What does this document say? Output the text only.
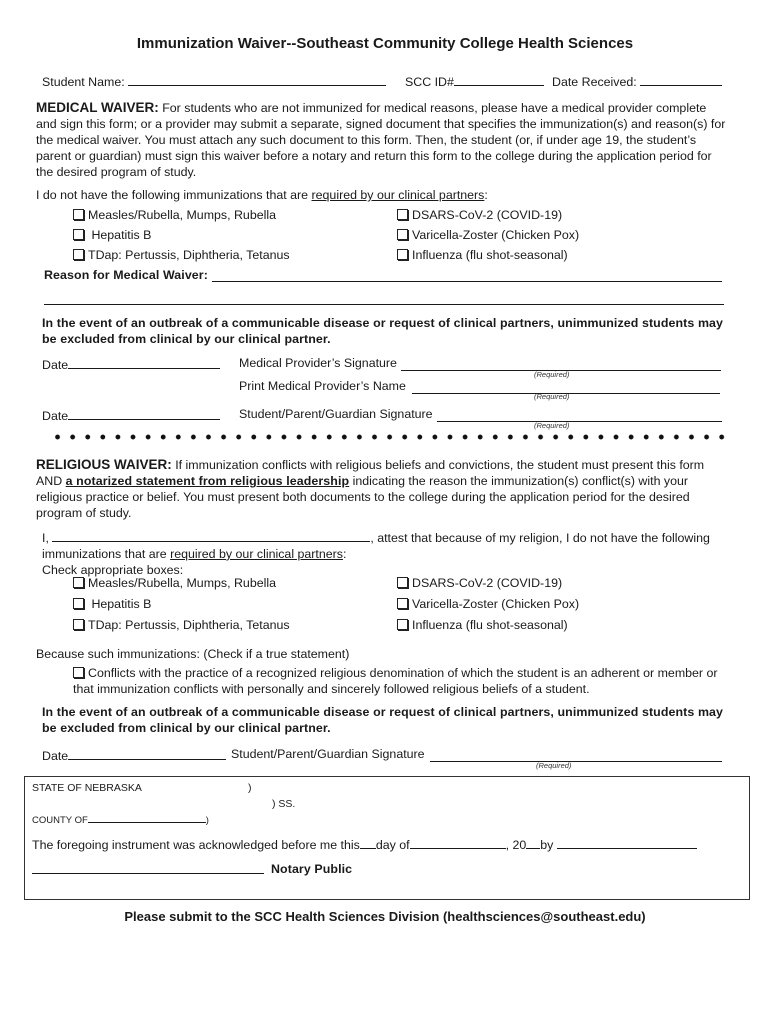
Immunization Waiver--Southeast Community College Health Sciences
Student Name:	SCC ID#	Date Received:
MEDICAL WAIVER: For students who are not immunized for medical reasons, please have a medical provider complete and sign this form; or a provider may submit a separate, signed document that specifies the immunization(s) and reason(s) for the medical waiver. You must attach any such document to this form. Then, the student (or, if under age 19, the student’s parent or guardian) must sign this waiver before a notary and return this form to the college during the application period for the desired program of study.
I do not have the following immunizations that are required by our clinical partners:
Measles/Rubella, Mumps, Rubella
Hepatitis B
TDap: Pertussis, Diphtheria, Tetanus
DSARS-CoV-2 (COVID-19)
Varicella-Zoster (Chicken Pox)
Influenza (flu shot-seasonal)
Reason for Medical Waiver:
In the event of an outbreak of a communicable disease or request of clinical partners, unimmunized students may be excluded from clinical by our clinical partner.
Date	Medical Provider’s Signature
(Required)
Print Medical Provider’s Name
(Required)
Date	Student/Parent/Guardian Signature
(Required)
RELIGIOUS WAIVER: If immunization conflicts with religious beliefs and convictions, the student must present this form AND a notarized statement from religious leadership indicating the reason the immunization(s) conflict(s) with your religious practice or belief. You must present both documents to the college during the application period for the desired program of study.
I,	, attest that because of my religion, I do not have the following
immunizations that are required by our clinical partners:
Check appropriate boxes:
Measles/Rubella, Mumps, Rubella
Hepatitis B
TDap: Pertussis, Diphtheria, Tetanus
DSARS-CoV-2 (COVID-19)
Varicella-Zoster (Chicken Pox)
Influenza (flu shot-seasonal)
Because such immunizations: (Check if a true statement)
Conflicts with the practice of a recognized religious denomination of which the student is an adherent or member or that immunization conflicts with personally and sincerely followed religious beliefs of a student.
In the event of an outbreak of a communicable disease or request of clinical partners, unimmunized students may be excluded from clinical by our clinical partner.
Date	Student/Parent/Guardian Signature
(Required)
STATE OF NEBRASKA	)
) SS.
COUNTY OF	)
The foregoing instrument was acknowledged before me this day of	, 20 by
Notary Public
Please submit to the SCC Health Sciences Division (healthsciences@southeast.edu)
